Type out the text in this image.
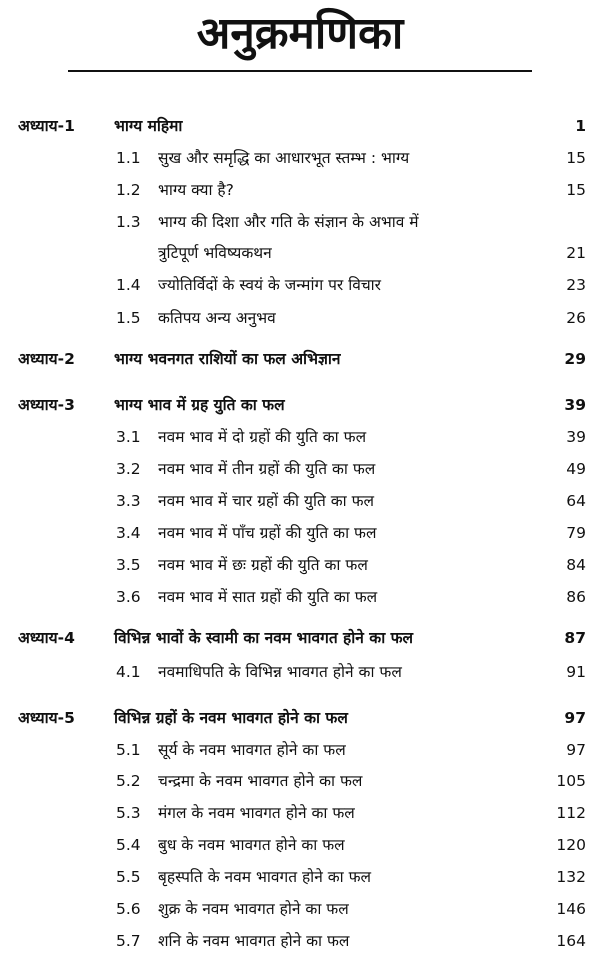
अनुक्रमणिका
अध्याय-1	भाग्य महिमा	1
1.1	सुख और समृद्धि का आधारभूत स्तम्भ : भाग्य	15
1.2	भाग्य क्या है?	15
1.3	भाग्य की दिशा और गति के संज्ञान के अभाव में
त्रुटिपूर्ण भविष्यकथन	21
1.4	ज्योतिर्विदों के स्वयं के जन्मांग पर विचार	23
1.5	कतिपय अन्य अनुभव	26
अध्याय-2	भाग्य भवनगत राशियों का फल अभिज्ञान	29
अध्याय-3	भाग्य भाव में ग्रह युति का फल	39
3.1	नवम भाव में दो ग्रहों की युति का फल	39
3.2	नवम भाव में तीन ग्रहों की युति का फल	49
3.3	नवम भाव में चार ग्रहों की युति का फल	64
3.4	नवम भाव में पाँच ग्रहों की युति का फल	79
3.5	नवम भाव में छः ग्रहों की युति का फल	84
3.6	नवम भाव में सात ग्रहों की युति का फल	86
अध्याय-4	विभिन्न भावों के स्वामी का नवम भावगत होने का फल	87
4.1	नवमाधिपति के विभिन्न भावगत होने का फल	91
अध्याय-5	विभिन्न ग्रहों के नवम भावगत होने का फल	97
5.1	सूर्य के नवम भावगत होने का फल	97
5.2	चन्द्रमा के नवम भावगत होने का फल	105
5.3	मंगल के नवम भावगत होने का फल	112
5.4	बुध के नवम भावगत होने का फल	120
5.5	बृहस्पति के नवम भावगत होने का फल	132
5.6	शुक्र के नवम भावगत होने का फल	146
5.7	शनि के नवम भावगत होने का फल	164
